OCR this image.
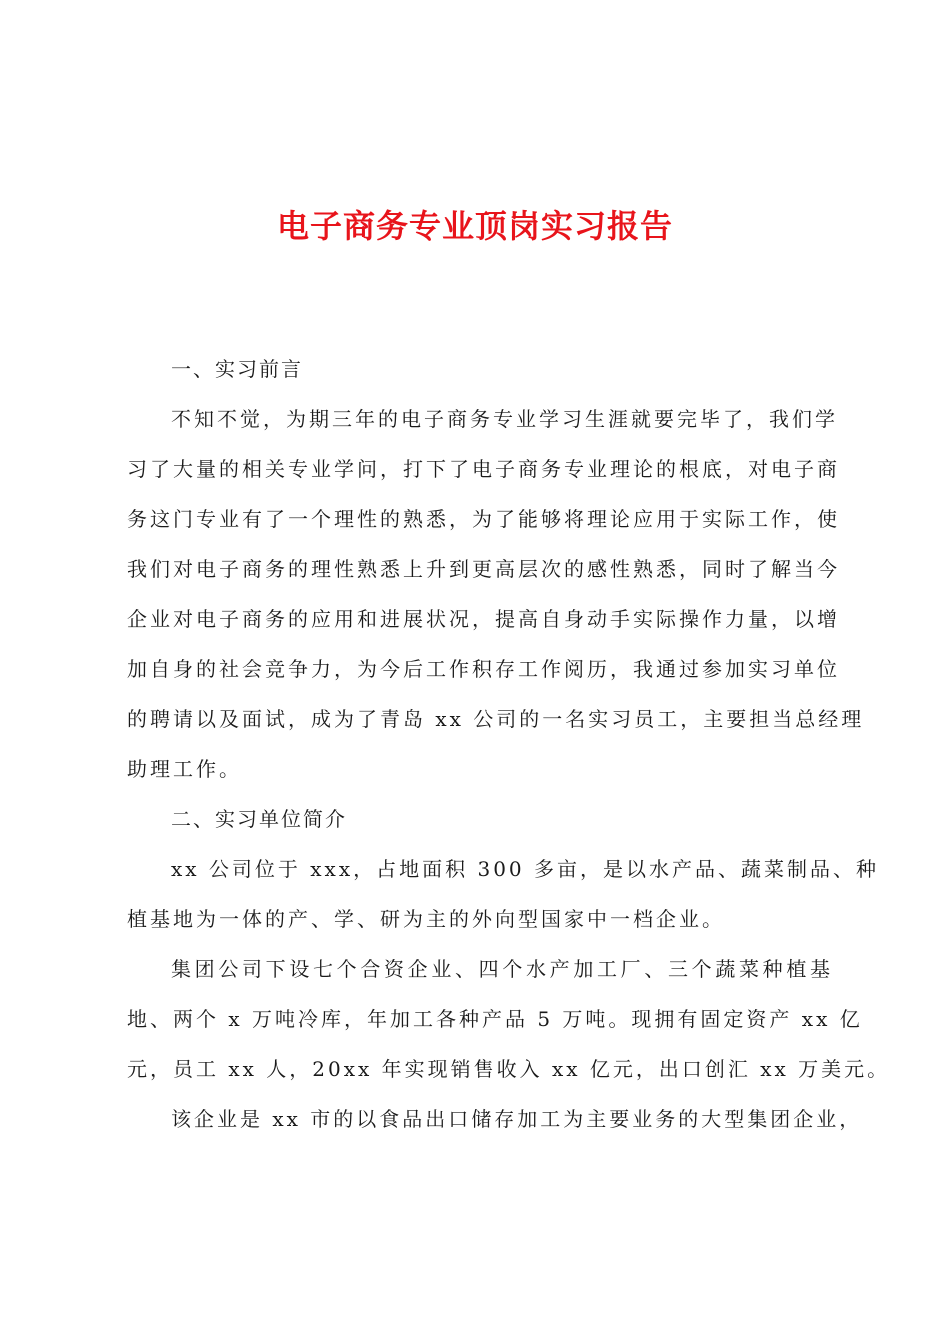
电子商务专业顶岗实习报告

一、实习前言

不知不觉，为期三年的电子商务专业学习生涯就要完毕了，我们学
习了大量的相关专业学问，打下了电子商务专业理论的根底，对电子商
务这门专业有了一个理性的熟悉，为了能够将理论应用于实际工作，使
我们对电子商务的理性熟悉上升到更高层次的感性熟悉，同时了解当今
企业对电子商务的应用和进展状况，提高自身动手实际操作力量，以增
加自身的社会竞争力，为今后工作积存工作阅历，我通过参加实习单位
的聘请以及面试，成为了青岛 xx 公司的一名实习员工，主要担当总经理
助理工作。

二、实习单位简介

xx 公司位于 xxx，占地面积 300 多亩，是以水产品、蔬菜制品、种
植基地为一体的产、学、研为主的外向型国家中一档企业。
集团公司下设七个合资企业、四个水产加工厂、三个蔬菜种植基
地、两个 x 万吨冷库，年加工各种产品 5 万吨。现拥有固定资产 xx 亿
元，员工 xx 人，20xx 年实现销售收入 xx 亿元，出口创汇 xx 万美元。
该企业是 xx 市的以食品出口储存加工为主要业务的大型集团企业，
